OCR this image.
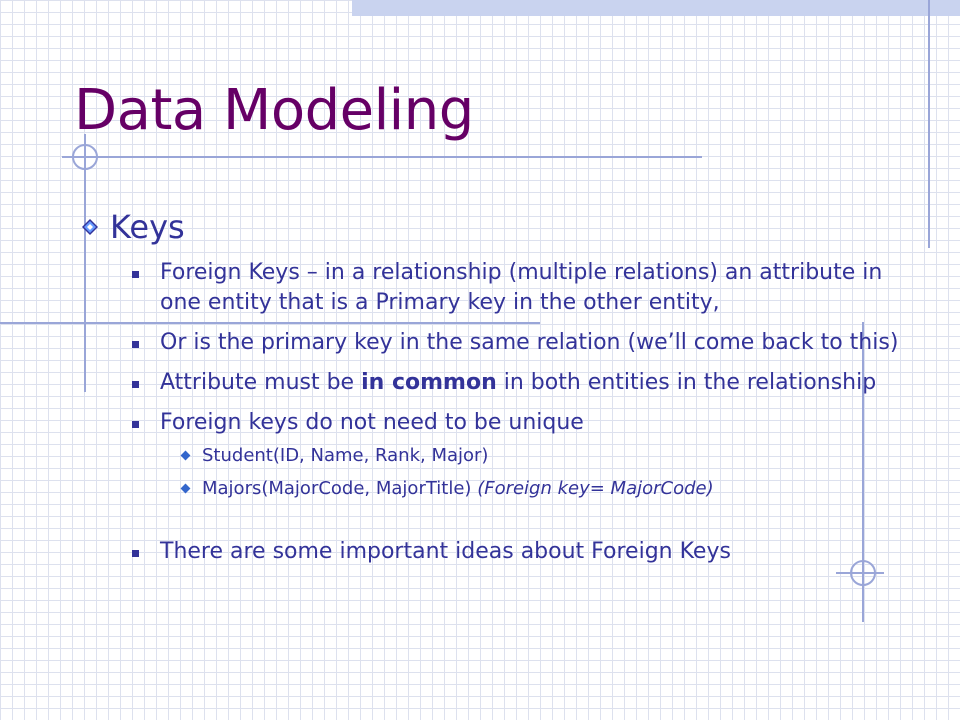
Data Modeling
Keys
Foreign Keys – in a relationship (multiple relations) an attribute in one entity that is a Primary key in the other entity,
Or is the primary key in the same relation (we’ll come back to this)
Attribute must be in common in both entities in the relationship
Foreign keys do not need to be unique
Student(ID, Name, Rank, Major)
Majors(MajorCode, MajorTitle) (Foreign key= MajorCode)
There are some important ideas about Foreign Keys
